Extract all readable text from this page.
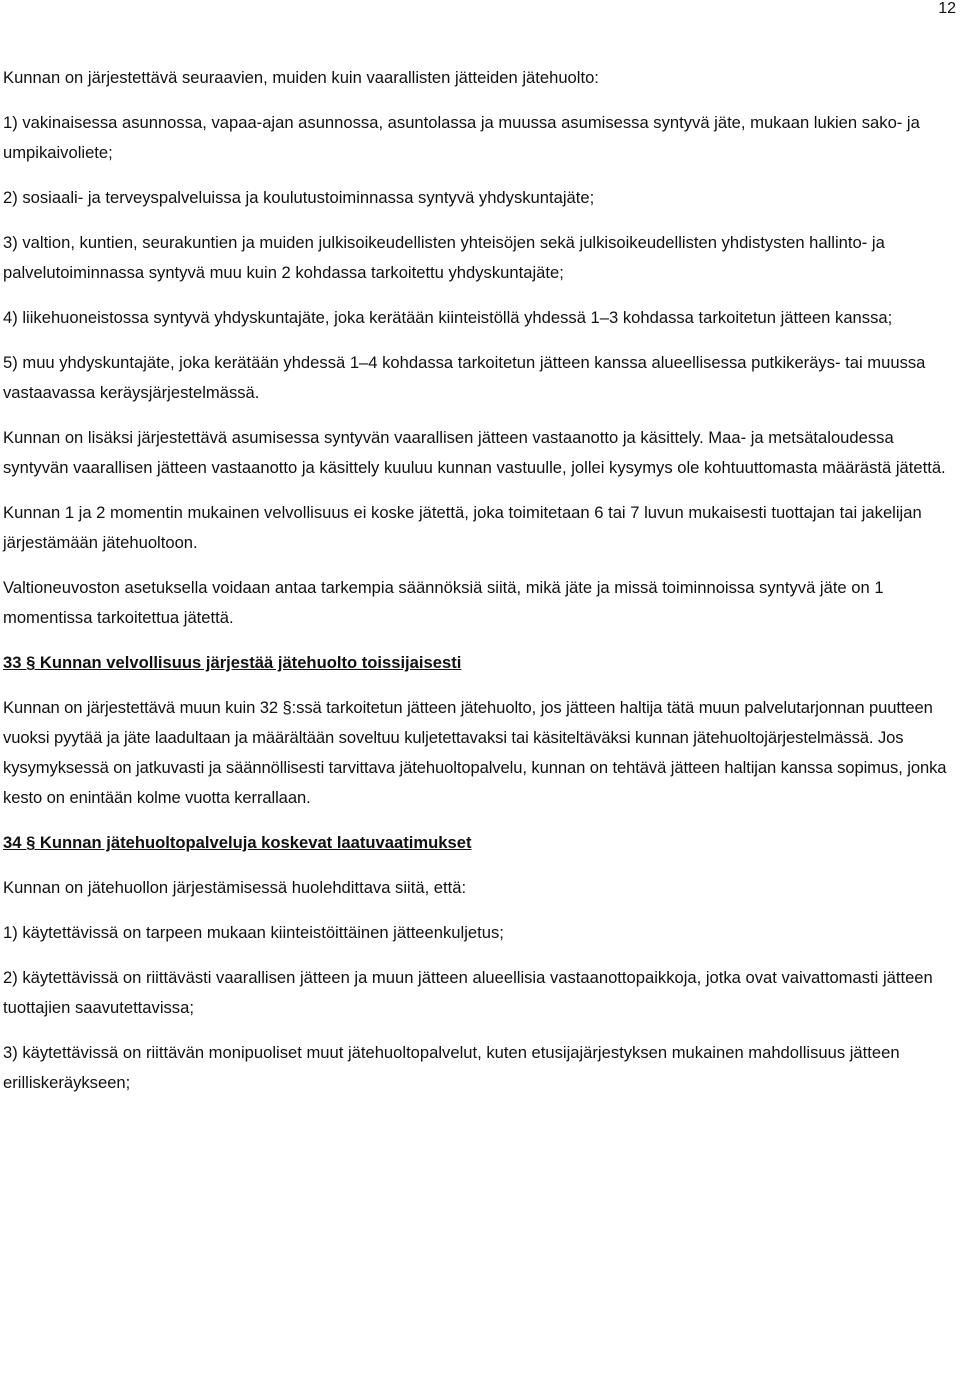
12

Kunnan on järjestettävä seuraavien, muiden kuin vaarallisten jätteiden jätehuolto:

1) vakinaisessa asunnossa, vapaa-ajan asunnossa, asuntolassa ja muussa asumisessa syntyvä jäte, mukaan lukien sako- ja umpikaivoliete;

2) sosiaali- ja terveyspalveluissa ja koulutustoiminnassa syntyvä yhdyskuntajäte;

3) valtion, kuntien, seurakuntien ja muiden julkisoikeudellisten yhteisöjen sekä julkisoikeudellisten yhdistysten hallinto- ja palvelutoiminnassa syntyvä muu kuin 2 kohdassa tarkoitettu yhdyskuntajäte;

4) liikehuoneistossa syntyvä yhdyskuntajäte, joka kerätään kiinteistöllä yhdessä 1–3 kohdassa tarkoitetun jätteen kanssa;

5) muu yhdyskuntajäte, joka kerätään yhdessä 1–4 kohdassa tarkoitetun jätteen kanssa alueellisessa putkikeräys- tai muussa vastaavassa keräysjärjestelmässä.

Kunnan on lisäksi järjestettävä asumisessa syntyvän vaarallisen jätteen vastaanotto ja käsittely. Maa- ja metsätaloudessa syntyvän vaarallisen jätteen vastaanotto ja käsittely kuuluu kunnan vastuulle, jollei kysymys ole kohtuuttomasta määrästä jätettä.

Kunnan 1 ja 2 momentin mukainen velvollisuus ei koske jätettä, joka toimitetaan 6 tai 7 luvun mukaisesti tuottajan tai jakelijan järjestämään jätehuoltoon.

Valtioneuvoston asetuksella voidaan antaa tarkempia säännöksiä siitä, mikä jäte ja missä toiminnoissa syntyvä jäte on 1 momentissa tarkoitettua jätettä.

33 § Kunnan velvollisuus järjestää jätehuolto toissijaisesti

Kunnan on järjestettävä muun kuin 32 §:ssä tarkoitetun jätteen jätehuolto, jos jätteen haltija tätä muun palvelutarjonnan puutteen vuoksi pyytää ja jäte laadultaan ja määrältään soveltuu kuljetettavaksi tai käsiteltäväksi kunnan jätehuoltojärjestelmässä. Jos kysymyksessä on jatkuvasti ja säännöllisesti tarvittava jätehuoltopalvelu, kunnan on tehtävä jätteen haltijan kanssa sopimus, jonka kesto on enintään kolme vuotta kerrallaan.

34 § Kunnan jätehuoltopalveluja koskevat laatuvaatimukset

Kunnan on jätehuollon järjestämisessä huolehdittava siitä, että:

1) käytettävissä on tarpeen mukaan kiinteistöittäinen jätteenkuljetus;

2) käytettävissä on riittävästi vaarallisen jätteen ja muun jätteen alueellisia vastaanottopaikkoja, jotka ovat vaivattomasti jätteen tuottajien saavutettavissa;

3) käytettävissä on riittävän monipuoliset muut jätehuoltopalvelut, kuten etusijajärjestyksen mukainen mahdollisuus jätteen erilliskeräykseen;
